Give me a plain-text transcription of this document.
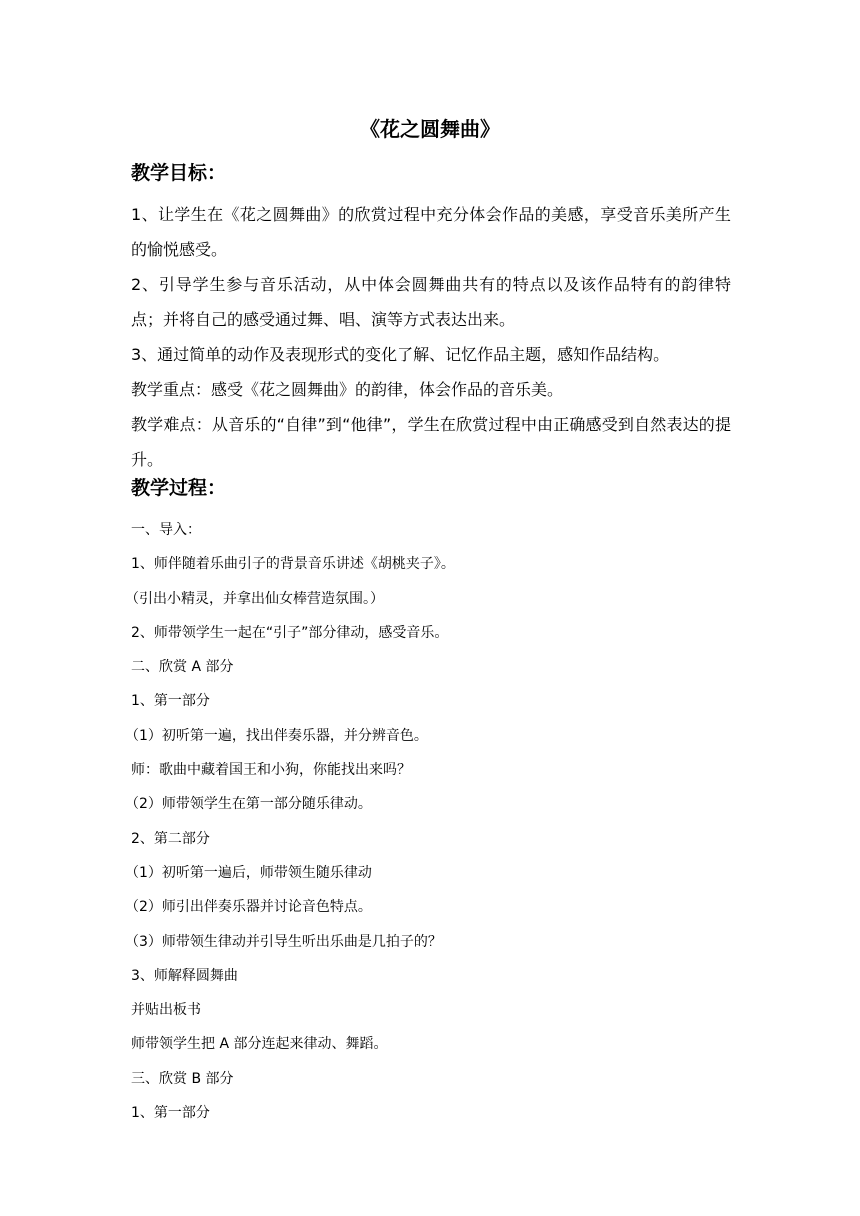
《花之圆舞曲》
教学目标：

1、让学生在《花之圆舞曲》的欣赏过程中充分体会作品的美感，享受音乐美所产生的愉悦感受。

2、引导学生参与音乐活动，从中体会圆舞曲共有的特点以及该作品特有的韵律特点；并将自己的感受通过舞、唱、演等方式表达出来。

3、通过简单的动作及表现形式的变化了解、记忆作品主题，感知作品结构。

教学重点：感受《花之圆舞曲》的韵律，体会作品的音乐美。

教学难点：从音乐的“自律”到“他律”，学生在欣赏过程中由正确感受到自然表达的提升。

教学过程：

一、导入：

1、师伴随着乐曲引子的背景音乐讲述《胡桃夹子》。

（引出小精灵，并拿出仙女棒营造氛围。）

2、师带领学生一起在“引子”部分律动，感受音乐。

二、欣赏 A 部分

1、第一部分

（1）初听第一遍，找出伴奏乐器，并分辨音色。

师：歌曲中藏着国王和小狗，你能找出来吗？

（2）师带领学生在第一部分随乐律动。

2、第二部分

（1）初听第一遍后，师带领生随乐律动

（2）师引出伴奏乐器并讨论音色特点。

（3）师带领生律动并引导生听出乐曲是几拍子的？

3、师解释圆舞曲

并贴出板书

师带领学生把 A 部分连起来律动、舞蹈。

三、欣赏 B 部分

1、第一部分
